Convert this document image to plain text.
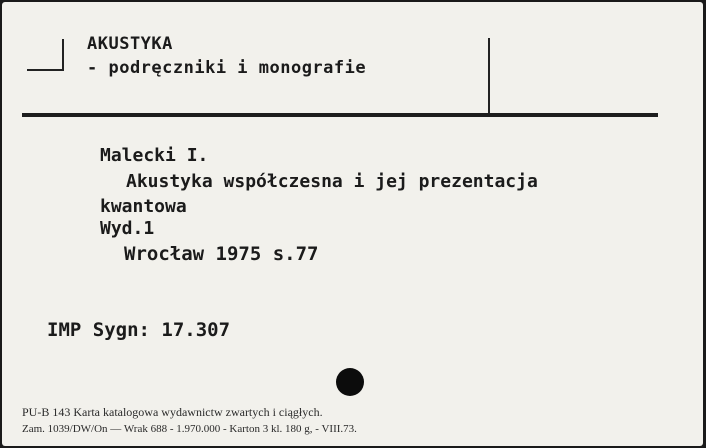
AKUSTYKA
- podręczniki i monografie
Malecki I.
Akustyka współczesna i jej prezentacja
kwantowa
Wyd.1
Wrocław 1975 s.77
IMP Sygn: 17.307
PU-B 143 Karta katalogowa wydawnictw zwartych i ciągłych.
Zam. 1039/DW/On — Wrak 688 - 1.970.000 - Karton 3 kl. 180 g, - VIII.73.
